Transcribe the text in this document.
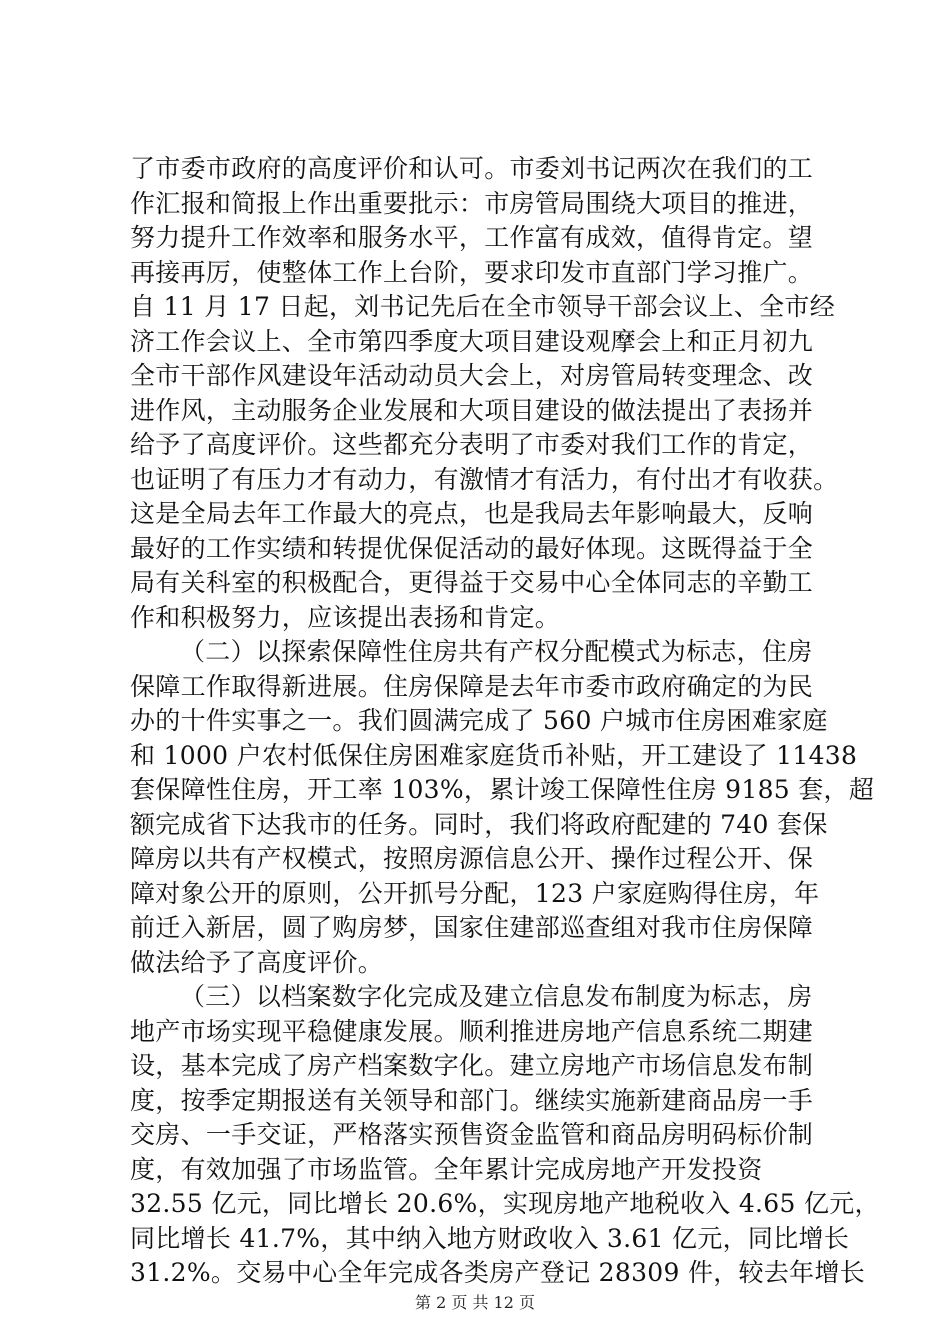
了市委市政府的高度评价和认可。市委刘书记两次在我们的工
作汇报和简报上作出重要批示：市房管局围绕大项目的推进，
努力提升工作效率和服务水平，工作富有成效，值得肯定。望
再接再厉，使整体工作上台阶，要求印发市直部门学习推广。
自 11 月 17 日起，刘书记先后在全市领导干部会议上、全市经
济工作会议上、全市第四季度大项目建设观摩会上和正月初九
全市干部作风建设年活动动员大会上，对房管局转变理念、改
进作风，主动服务企业发展和大项目建设的做法提出了表扬并
给予了高度评价。这些都充分表明了市委对我们工作的肯定，
也证明了有压力才有动力，有激情才有活力，有付出才有收获。
这是全局去年工作最大的亮点，也是我局去年影响最大，反响
最好的工作实绩和转提优保促活动的最好体现。这既得益于全
局有关科室的积极配合，更得益于交易中心全体同志的辛勤工
作和积极努力，应该提出表扬和肯定。
（二）以探索保障性住房共有产权分配模式为标志，住房
保障工作取得新进展。住房保障是去年市委市政府确定的为民
办的十件实事之一。我们圆满完成了 560 户城市住房困难家庭
和 1000 户农村低保住房困难家庭货币补贴，开工建设了 11438
套保障性住房，开工率 103%，累计竣工保障性住房 9185 套，超
额完成省下达我市的任务。同时，我们将政府配建的 740 套保
障房以共有产权模式，按照房源信息公开、操作过程公开、保
障对象公开的原则，公开抓号分配，123 户家庭购得住房，年
前迁入新居，圆了购房梦，国家住建部巡查组对我市住房保障
做法给予了高度评价。
（三）以档案数字化完成及建立信息发布制度为标志，房
地产市场实现平稳健康发展。顺利推进房地产信息系统二期建
设，基本完成了房产档案数字化。建立房地产市场信息发布制
度，按季定期报送有关领导和部门。继续实施新建商品房一手
交房、一手交证，严格落实预售资金监管和商品房明码标价制
度，有效加强了市场监管。全年累计完成房地产开发投资
32.55 亿元，同比增长 20.6%，实现房地产地税收入 4.65 亿元，
同比增长 41.7%，其中纳入地方财政收入 3.61 亿元，同比增长
31.2%。交易中心全年完成各类房产登记 28309 件，较去年增长
第 2 页 共 12 页
